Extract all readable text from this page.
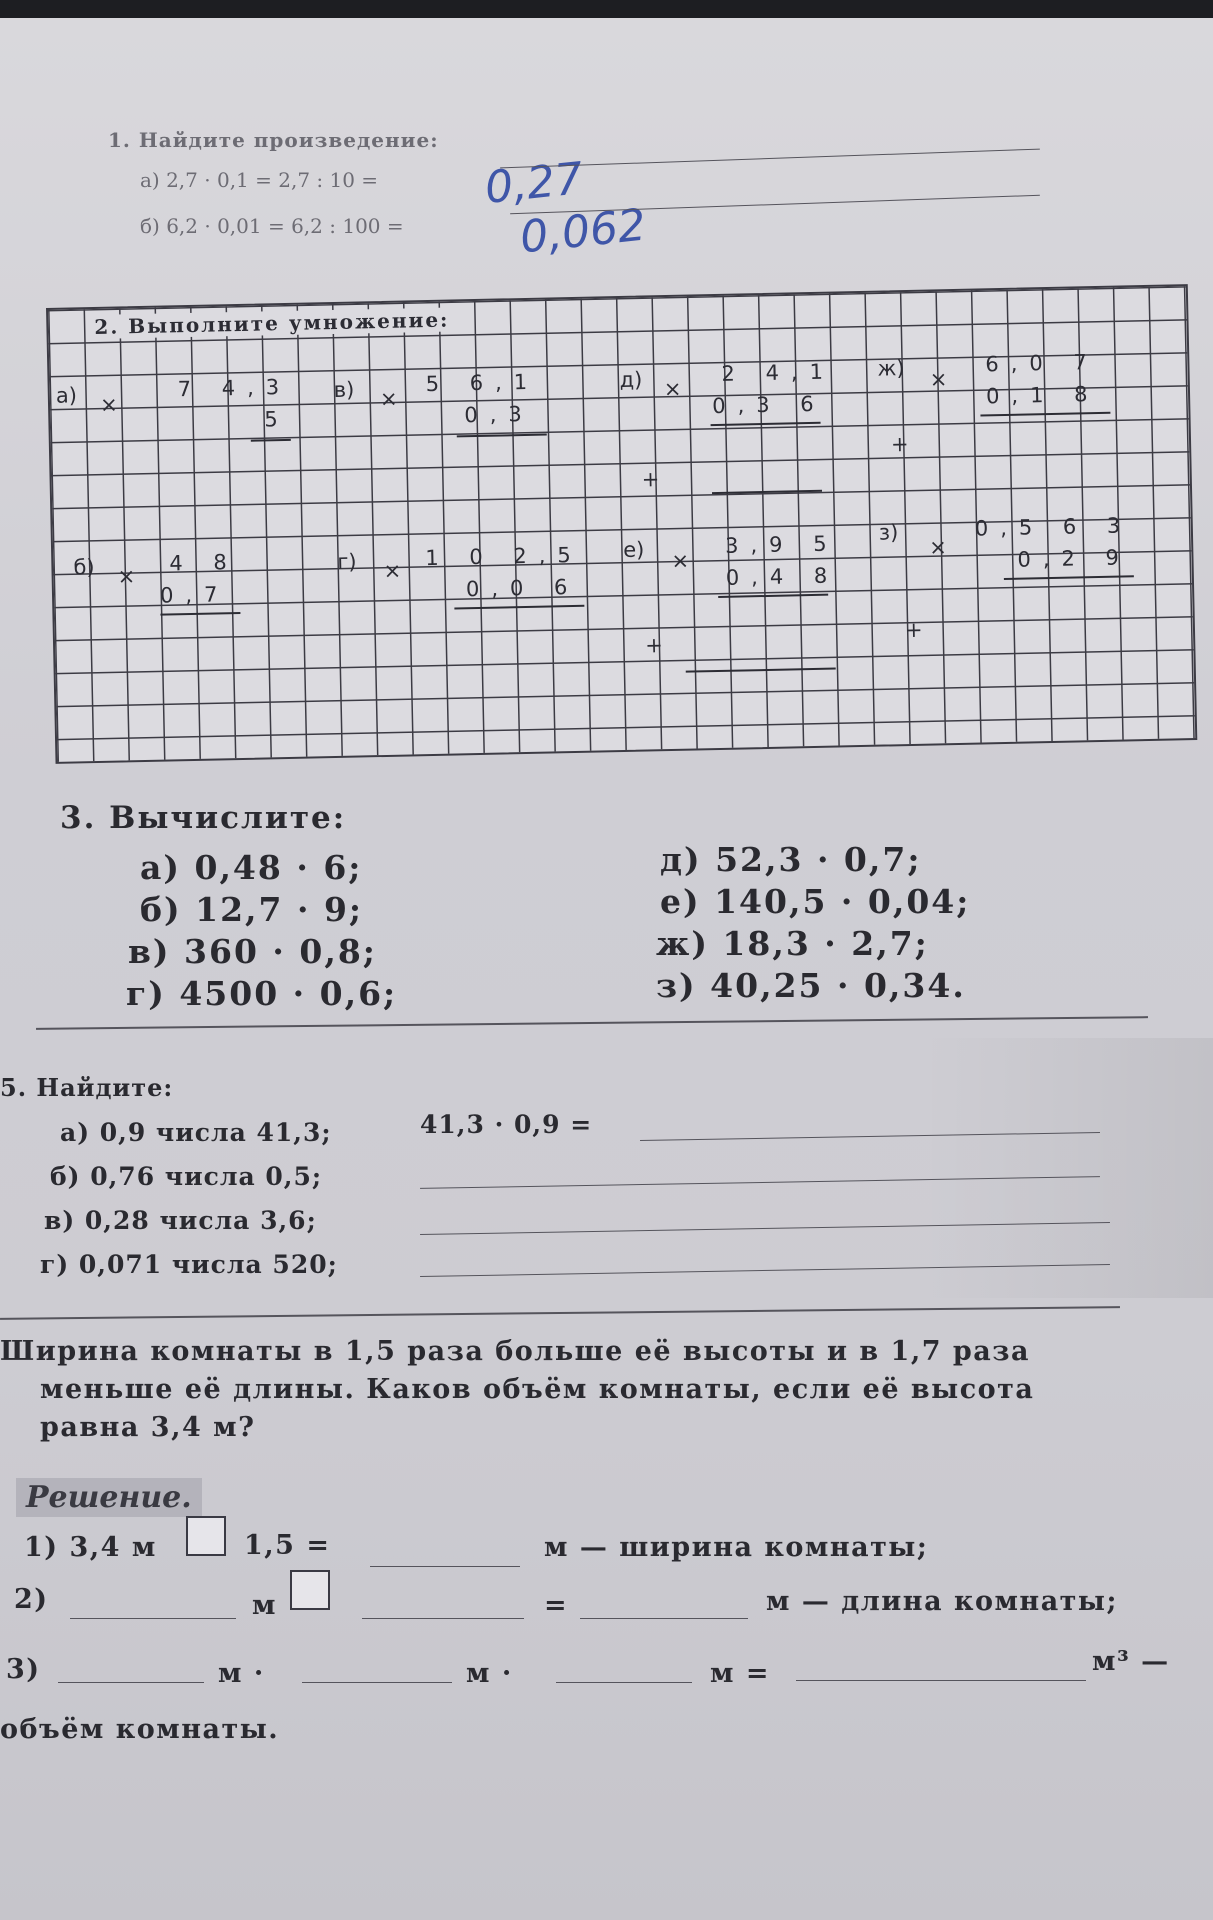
1. Найдите произведение:
а) 2,7 · 0,1 = 2,7 : 10 =
б) 6,2 · 0,01 = 6,2 : 100 =
0,27
0,062
2. Выполните умножение:
а) ×
7 4,3
5
в) ×
5 6,1
0,3
д) ×
2 4,1
0,3 6
+
ж) ×
6,0 7
0,1 8
+
б) ×
4 8
0,7
г) ×
1 0 2,5
0,0 6
е) ×
3,9 5
0,4 8
+
з)
×
0,5 6 3
0,2 9
+
3. Вычислите:
а) 0,48 · 6;
б) 12,7 · 9;
в) 360 · 0,8;
г) 4500 · 0,6;
д) 52,3 · 0,7;
е) 140,5 · 0,04;
ж) 18,3 · 2,7;
з) 40,25 · 0,34.
5. Найдите:
а) 0,9 числа 41,3;	41,3 · 0,9 =
б) 0,76 числа 0,5;
в) 0,28 числа 3,6;
г) 0,071 числа 520;
Ширина комнаты в 1,5 раза больше её высоты и в 1,7 раза
меньше её длины. Каков объём комнаты, если её высота
равна 3,4 м?
Решение.
1) 3,4 м	1,5 =	м — ширина комнаты;
2)	м	=	м — длина комнаты;
3)	м ·	м ·	м =	м³ —
объём комнаты.
